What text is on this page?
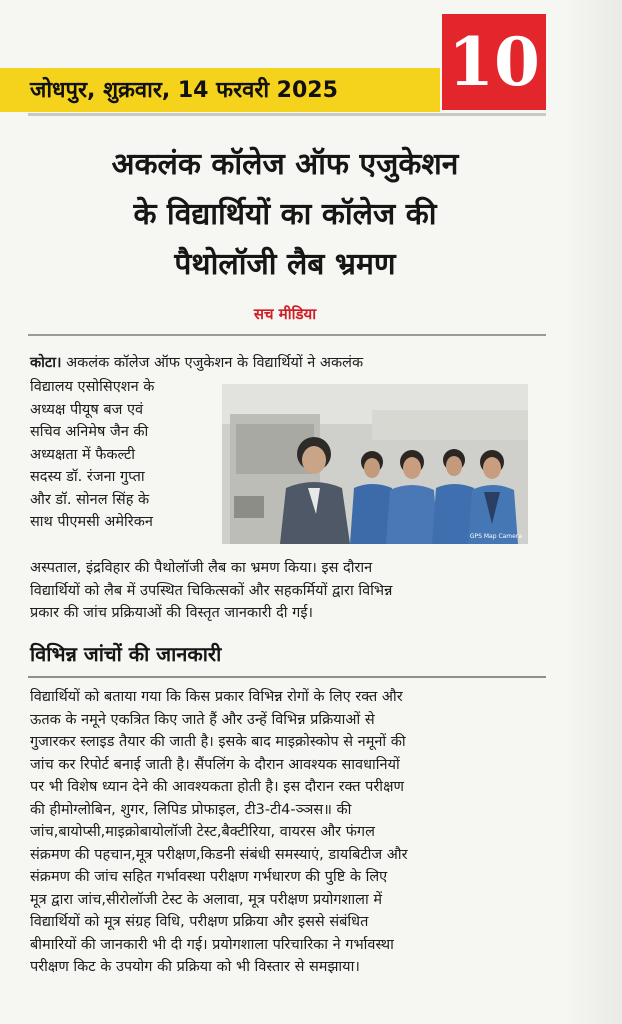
जोधपुर, शुक्रवार, 14 फरवरी 2025 10
अकलंक कॉलेज ऑफ एजुकेशन
के विद्यार्थियों का कॉलेज की
पैथोलॉजी लैब भ्रमण
सच मीडिया
कोटा। अकलंक कॉलेज ऑफ एजुकेशन के विद्यार्थियों ने अकलंक
विद्यालय एसोसिएशन के
अध्यक्ष पीयूष बज एवं
सचिव अनिमेष जैन की
अध्यक्षता में फैकल्टी
सदस्य डॉ. रंजना गुप्ता
और डॉ. सोनल सिंह के
साथ पीएमसी अमेरिकन
GPS Map Camera
अस्पताल, इंद्रविहार की पैथोलॉजी लैब का भ्रमण किया। इस दौरान
विद्यार्थियों को लैब में उपस्थित चिकित्सकों और सहकर्मियों द्वारा विभिन्न
प्रकार की जांच प्रक्रियाओं की विस्तृत जानकारी दी गई।
विभिन्न जांचों की जानकारी
विद्यार्थियों को बताया गया कि किस प्रकार विभिन्न रोगों के लिए रक्त और
ऊतक के नमूने एकत्रित किए जाते हैं और उन्हें विभिन्न प्रक्रियाओं से
गुजारकर स्लाइड तैयार की जाती है। इसके बाद माइक्रोस्कोप से नमूनों की
जांच कर रिपोर्ट बनाई जाती है। सैंपलिंग के दौरान आवश्यक सावधानियों
पर भी विशेष ध्यान देने की आवश्यकता होती है। इस दौरान रक्त परीक्षण
की हीमोग्लोबिन, शुगर, लिपिड प्रोफाइल, टी3-टी4-ञ्ञस॥ की
जांच,बायोप्सी,माइक्रोबायोलॉजी टेस्ट,बैक्टीरिया, वायरस और फंगल
संक्रमण की पहचान,मूत्र परीक्षण,किडनी संबंधी समस्याएं, डायबिटीज और
संक्रमण की जांच सहित गर्भावस्था परीक्षण गर्भधारण की पुष्टि के लिए
मूत्र द्वारा जांच,सीरोलॉजी टेस्ट के अलावा, मूत्र परीक्षण प्रयोगशाला में
विद्यार्थियों को मूत्र संग्रह विधि, परीक्षण प्रक्रिया और इससे संबंधित
बीमारियों की जानकारी भी दी गई। प्रयोगशाला परिचारिका ने गर्भावस्था
परीक्षण किट के उपयोग की प्रक्रिया को भी विस्तार से समझाया।
